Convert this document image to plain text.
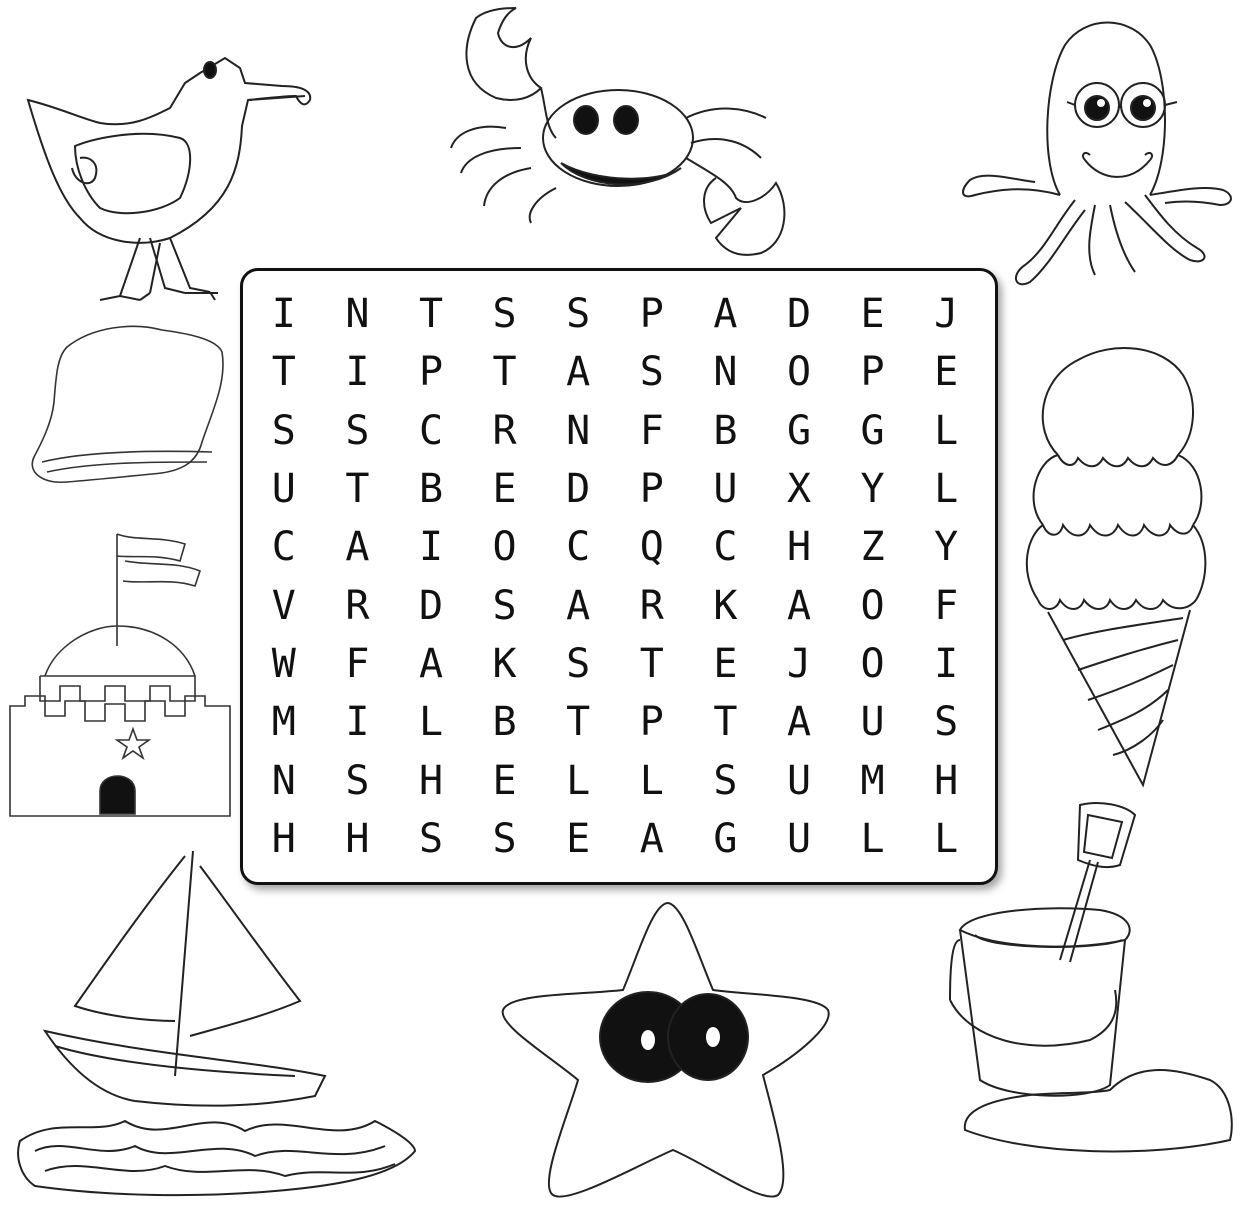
I	N	T	S	S	P	A	D	E	J
T	I	P	T	A	S	N	O	P	E
S	S	C	R	N	F	B	G	G	L
U	T	B	E	D	P	U	X	Y	L
C	A	I	O	C	Q	C	H	Z	Y
V	R	D	S	A	R	K	A	O	F
W	F	A	K	S	T	E	J	O	I
M	I	L	B	T	P	T	A	U	S
N	S	H	E	L	L	S	U	M	H
H	H	S	S	E	A	G	U	L	L
